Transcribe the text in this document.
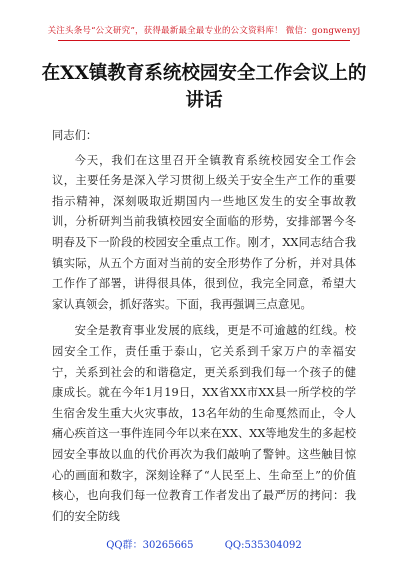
关注头条号“公文研究”，获得最新最全最专业的公文资料库！ 微信：gongwenyj
在XX镇教育系统校园安全工作会议上的讲话

同志们：

今天，我们在这里召开全镇教育系统校园安全工作会议，主要任务是深入学习贯彻上级关于安全生产工作的重要指示精神，深刻吸取近期国内一些地区发生的安全事故教训，分析研判当前我镇校园安全面临的形势，安排部署今冬明春及下一阶段的校园安全重点工作。刚才，XX同志结合我镇实际，从五个方面对当前的安全形势作了分析，并对具体工作作了部署，讲得很具体，很到位，我完全同意，希望大家认真领会，抓好落实。下面，我再强调三点意见。

安全是教育事业发展的底线，更是不可逾越的红线。校园安全工作，责任重于泰山，它关系到千家万户的幸福安宁，关系到社会的和谐稳定，更关系到我们每一个孩子的健康成长。就在今年1月19日，XX省XX市XX县一所学校的学生宿舍发生重大火灾事故，13名年幼的生命戛然而止，令人痛心疾首这一事件连同今年以来在XX、XX等地发生的多起校园安全事故以血的代价再次为我们敲响了警钟。这些触目惊心的画面和数字，深刻诠释了“人民至上、生命至上”的价值核心，也向我们每一位教育工作者发出了最严厉的拷问：我们的安全防线

QQ群：30265665	QQ:535304092
